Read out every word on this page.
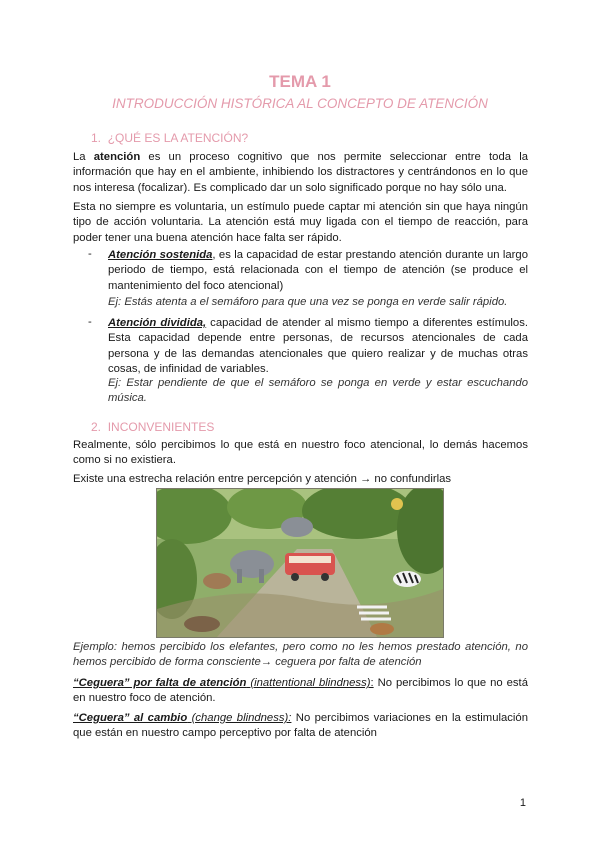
TEMA 1
INTRODUCCIÓN HISTÓRICA AL CONCEPTO DE ATENCIÓN
1. ¿QUÉ ES LA ATENCIÓN?
La atención es un proceso cognitivo que nos permite seleccionar entre toda la información que hay en el ambiente, inhibiendo los distractores y centrándonos en lo que nos interesa (focalizar). Es complicado dar un solo significado porque no hay sólo una.
Esta no siempre es voluntaria, un estímulo puede captar mi atención sin que haya ningún tipo de acción voluntaria. La atención está muy ligada con el tiempo de reacción, para poder tener una buena atención hace falta ser rápido.
- Atención sostenida, es la capacidad de estar prestando atención durante un largo periodo de tiempo, está relacionada con el tiempo de atención (se produce el mantenimiento del foco atencional)
Ej: Estás atenta a el semáforo para que una vez se ponga en verde salir rápido.
- Atención dividida, capacidad de atender al mismo tiempo a diferentes estímulos. Esta capacidad depende entre personas, de recursos atencionales de cada persona y de las demandas atencionales que quiero realizar y de muchas otras cosas, de infinidad de variables.
Ej: Estar pendiente de que el semáforo se ponga en verde y estar escuchando música.
2. INCONVENIENTES
Realmente, sólo percibimos lo que está en nuestro foco atencional, lo demás hacemos como si no existiera.
Existe una estrecha relación entre percepción y atención → no confundirlas
Ejemplo: hemos percibido los elefantes, pero como no les hemos prestado atención, no hemos percibido de forma consciente→ ceguera por falta de atención
“Ceguera” por falta de atención (inattentional blindness): No percibimos lo que no está en nuestro foco de atención.
“Ceguera” al cambio (change blindness): No percibimos variaciones en la estimulación que están en nuestro campo perceptivo por falta de atención
1
